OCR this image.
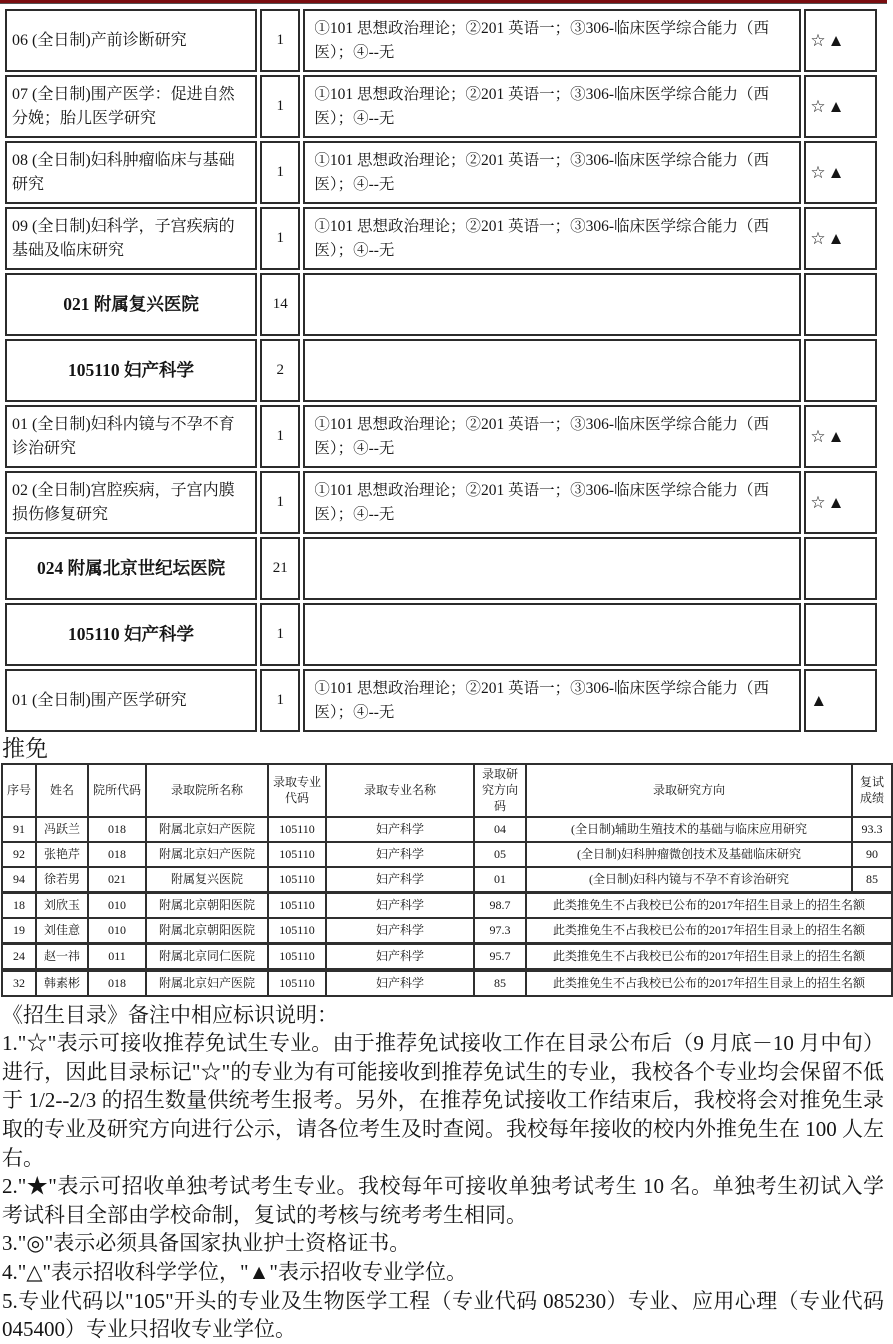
06 (全日制)产前诊断研究	1	①101 思想政治理论；②201 英语一；③306-临床医学综合能力（西医）；④--无	☆▲
07 (全日制)围产医学：促进自然分娩；胎儿医学研究	1	①101 思想政治理论；②201 英语一；③306-临床医学综合能力（西医）；④--无	☆▲
08 (全日制)妇科肿瘤临床与基础研究	1	①101 思想政治理论；②201 英语一；③306-临床医学综合能力（西医）；④--无	☆▲
09 (全日制)妇科学，子宫疾病的基础及临床研究	1	①101 思想政治理论；②201 英语一；③306-临床医学综合能力（西医）；④--无	☆▲
021 附属复兴医院	14		
105110 妇产科学	2		
01 (全日制)妇科内镜与不孕不育诊治研究	1	①101 思想政治理论；②201 英语一；③306-临床医学综合能力（西医）；④--无	☆▲
02 (全日制)宫腔疾病，子宫内膜损伤修复研究	1	①101 思想政治理论；②201 英语一；③306-临床医学综合能力（西医）；④--无	☆▲
024 附属北京世纪坛医院	21		
105110 妇产科学	1		
01 (全日制)围产医学研究	1	①101 思想政治理论；②201 英语一；③306-临床医学综合能力（西医）；④--无	▲
推免
序号	姓名	院所代码	录取院所名称	录取专业代码	录取专业名称	录取研究方向码	录取研究方向	复试成绩
91	冯跃兰	018	附属北京妇产医院	105110	妇产科学	04	(全日制)辅助生殖技术的基础与临床应用研究	93.3
92	张艳芹	018	附属北京妇产医院	105110	妇产科学	05	(全日制)妇科肿瘤微创技术及基础临床研究	90
94	徐若男	021	附属复兴医院	105110	妇产科学	01	(全日制)妇科内镜与不孕不育诊治研究	85
18	刘欣玉	010	附属北京朝阳医院	105110	妇产科学	98.7	此类推免生不占我校已公布的2017年招生目录上的招生名额	
19	刘佳意	010	附属北京朝阳医院	105110	妇产科学	97.3	此类推免生不占我校已公布的2017年招生目录上的招生名额	
24	赵一祎	011	附属北京同仁医院	105110	妇产科学	95.7	此类推免生不占我校已公布的2017年招生目录上的招生名额	
32	韩素彬	018	附属北京妇产医院	105110	妇产科学	85	此类推免生不占我校已公布的2017年招生目录上的招生名额	

《招生目录》备注中相应标识说明：

1."☆"表示可接收推荐免试生专业。由于推荐免试接收工作在目录公布后（9 月底－10 月中旬）进行，因此目录标记"☆"的专业为有可能接收到推荐免试生的专业，我校各个专业均会保留不低于 1/2--2/3 的招生数量供统考生报考。另外，在推荐免试接收工作结束后，我校将会对推免生录取的专业及研究方向进行公示，请各位考生及时查阅。我校每年接收的校内外推免生在 100 人左右。

2."★"表示可招收单独考试考生专业。我校每年可接收单独考试考生 10 名。单独考生初试入学考试科目全部由学校命制，复试的考核与统考考生相同。

3."◎"表示必须具备国家执业护士资格证书。

4."△"表示招收科学学位，"▲"表示招收专业学位。

5.专业代码以"105"开头的专业及生物医学工程（专业代码 085230）专业、应用心理（专业代码 045400）专业只招收专业学位。
